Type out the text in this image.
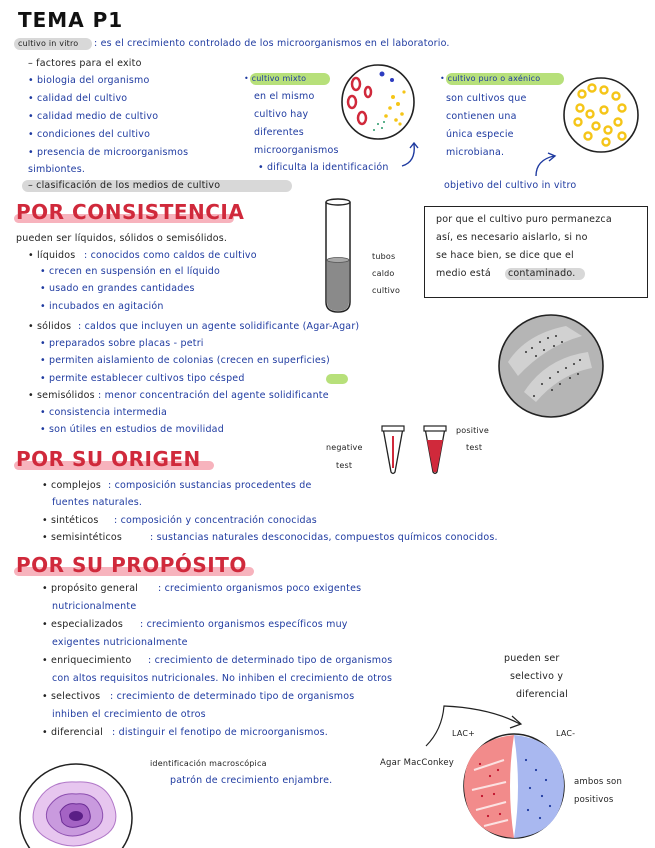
TEMA P1
cultivo in vitro : es el crecimiento controlado de los microorganismos en el laboratorio.
– factores para el exito
• biologia del organismo
• calidad del cultivo
• calidad medio de cultivo
• condiciones del cultivo
• presencia de microorganismos
simbiontes.
– clasificación de los medios de cultivo
• cultivo mixto
en el mismo
cultivo hay
diferentes
microorganismos
• dificulta la identificación
• cultivo puro o axénico
son cultivos que
contienen una
única especie
microbiana.
objetivo del cultivo in vitro
POR CONSISTENCIA
pueden ser líquidos, sólidos o semisólidos.
• líquidos : conocidos como caldos de cultivo
• crecen en suspensión en el líquido
• usado en grandes cantidades
• incubados en agitación
tubos
caldo
cultivo
por que el cultivo puro permanezca
así, es necesario aislarlo, si no
se hace bien, se dice que el
medio está contaminado.
• sólidos : caldos que incluyen un agente solidificante (Agar-Agar)
• preparados sobre placas - petri
• permiten aislamiento de colonias (crecen en superficies)
• permite establecer cultivos tipo césped
• semisólidos : menor concentración del agente solidificante
• consistencia intermedia
• son útiles en estudios de movilidad
negative
test
positive
test
POR SU ORIGEN
• complejos : composición sustancias procedentes de
fuentes naturales.
• sintéticos : composición y concentración conocidas
• semisintéticos	: sustancias naturales desconocidas, compuestos químicos conocidos.
POR SU PROPÓSITO
• propósito general : crecimiento organismos poco exigentes
nutricionalmente
• especializados : crecimiento organismos específicos muy
exigentes nutricionalmente
• enriquecimiento : crecimiento de determinado tipo de organismos
con altos requisitos nutricionales. No inhiben el crecimiento de otros
• selectivos : crecimiento de determinado tipo de organismos
inhiben el crecimiento de otros
• diferencial : distinguir el fenotipo de microorganismos.
pueden ser
selectivo y
diferencial
LAC+	LAC-
Agar MacConkey
ambos son
positivos
identificación macroscópica
patrón de crecimiento enjambre.
